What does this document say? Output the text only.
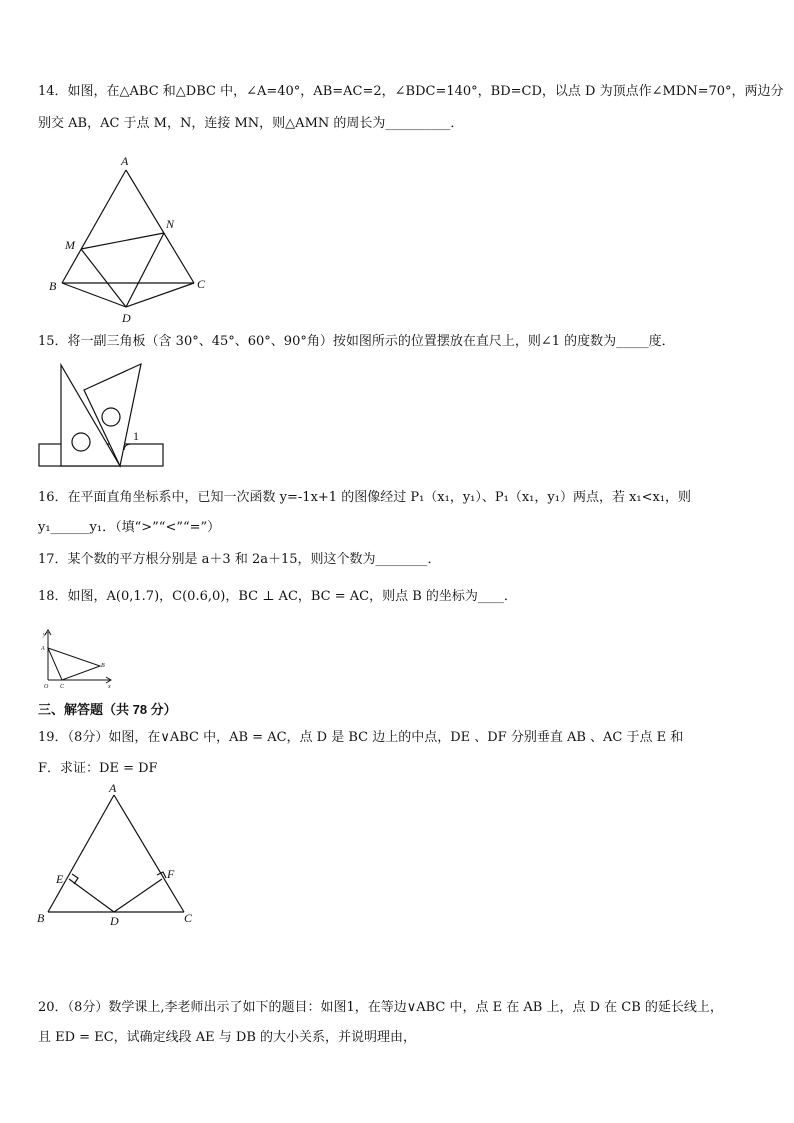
14．如图，在△ABC 和△DBC 中，∠A=40°，AB=AC=2，∠BDC=140°，BD=CD，以点 D 为顶点作∠MDN=70°，两边分
别交 AB，AC 于点 M，N，连接 MN，则△AMN 的周长为__________．
A
M
N
B	C
D
15．将一副三角板（含 30°、45°、60°、90°角）按如图所示的位置摆放在直尺上，则∠1 的度数为_____度．
1
16．在平面直角坐标系中，已知一次函数 y=-1x+1 的图像经过 P₁（x₁，y₁）、P₁（x₁，y₁）两点，若 x₁<x₁，则
y₁______y₁．（填“>”“<”“=”）
17．某个数的平方根分别是 a＋3 和 2a＋15，则这个数为________．
18．如图，A(0,1.7)，C(0.6,0)，BC ⊥ AC，BC = AC，则点 B 的坐标为____．
y
A
B
O C	x
三、解答题（共 78 分）
19．（8分）如图，在∨ABC 中，AB = AC，点 D 是 BC 边上的中点，DE 、DF 分别垂直 AB 、AC 于点 E 和
F．求证：DE = DF
A
E	F
B	D	C
20．（8分）数学课上,李老师出示了如下的题目：如图1，在等边∨ABC 中，点 E 在 AB 上，点 D 在 CB 的延长线上，
且 ED = EC，试确定线段 AE 与 DB 的大小关系，并说明理由，
